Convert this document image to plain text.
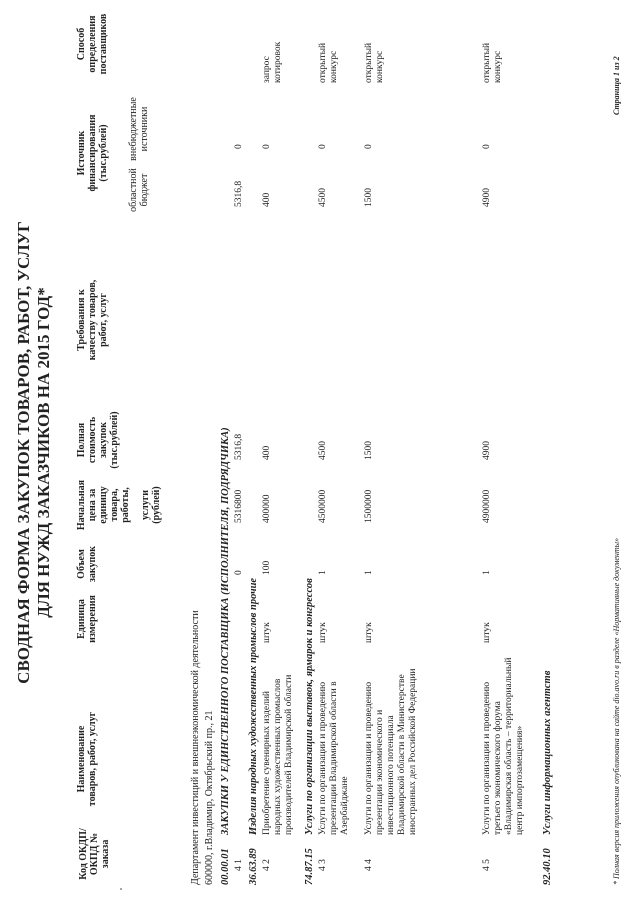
СВОДНАЯ ФОРМА ЗАКУПОК ТОВАРОВ, РАБОТ, УСЛУГ ДЛЯ НУЖД ЗАКАЗЧИКОВ НА 2015 ГОД*
Код ОКДП/ ОКПД № заказа
Наименование товаров, работ, услуг
Единица измерения
Объем закупок
Начальная цена за единицу товара, работы, услуги (рублей)
Полная стоимость закупок (тыс.рублей)
Требования к качеству товаров, работ, услуг
Источник финансирования (тыс.рублей)
областной бюджет
внебюджетные источники
Способ определения поставщиков
Департамент инвестиций и внешнеэкономической деятельности 600000, г.Владимир, Октябрьский пр., 21 00.00.01
ЗАКУПКИ У ЕДИНСТВЕННОГО ПОСТАВЩИКА (ИСПОЛНИТЕЛЯ, ПОДРЯДЧИКА)
4 1
0
5316800
5316,8
5316,8
0
36.63.89
Изделия народных художественных промыслов прочие
4 2
Приобретение сувенирных изделий народных художественных промыслов производителей Владимирской области
штук
100
400000
400
400
0
запрос котировок
74.87.15
Услуги по организации выставок, ярмарок и конгрессов
4 3
Услуги по организации и проведению презентации Владимирской области в Азербайджане
штук
1
4500000
4500
4500
0
открытый конкурс
4 4
Услуги по организации и проведению презентации экономического и инвестиционного потенциала Владимирской области в Министерстве иностранных дел Российской Федерации
штук
1
1500000
1500
1500
0
открытый конкурс
4 5
Услуги по организации и проведению третьего экономического форума «Владимирская область – территориальный центр импортозамещения»
штук
1
4900000
4900
4900
0
открытый конкурс
92.40.10
Услуги информационных агентств	* Полная версия приложения опубликована на сайте dio.avo.ru в разделе «Нормативные документы»
Страница 1 из 2
